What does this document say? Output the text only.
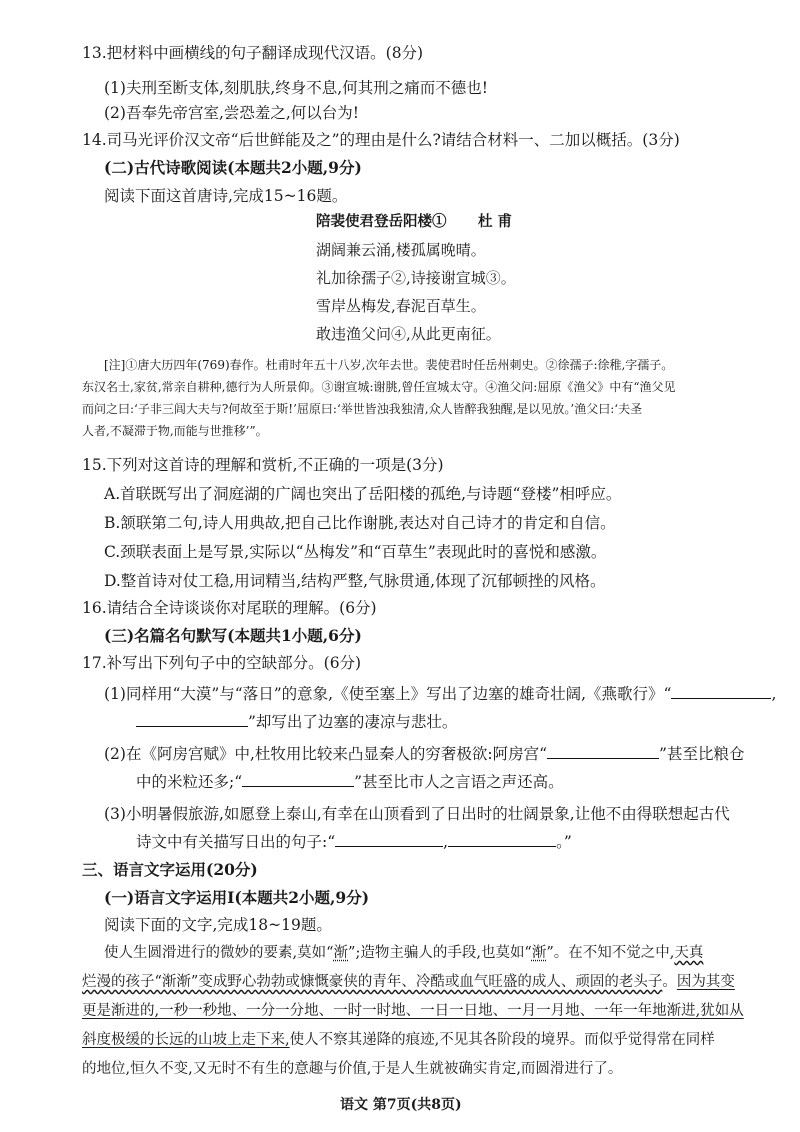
13.把材料中画横线的句子翻译成现代汉语。(8分)
(1)夫刑至断支体,刻肌肤,终身不息,何其刑之痛而不德也!
(2)吾奉先帝宫室,尝恐羞之,何以台为!
14.司马光评价汉文帝“后世鲜能及之”的理由是什么?请结合材料一、二加以概括。(3分)
(二)古代诗歌阅读(本题共2小题,9分)
阅读下面这首唐诗,完成15~16题。
陪裴使君登岳阳楼① 杜 甫
湖阔兼云涌,楼孤属晚晴。
礼加徐孺子②,诗接谢宣城③。
雪岸丛梅发,春泥百草生。
敢违渔父问④,从此更南征。
[注]①唐大历四年(769)春作。杜甫时年五十八岁,次年去世。裴使君时任岳州刺史。②徐孺子:徐稚,字孺子。
东汉名士,家贫,常亲自耕种,德行为人所景仰。③谢宣城:谢朓,曾任宣城太守。④渔父问:屈原《渔父》中有“渔父见
而问之曰:‘子非三闾大夫与?何故至于斯!’屈原曰:‘举世皆浊我独清,众人皆醉我独醒,是以见放。’渔父曰:‘夫圣
人者,不凝滞于物,而能与世推移’”。
15.下列对这首诗的理解和赏析,不正确的一项是(3分)
A.首联既写出了洞庭湖的广阔也突出了岳阳楼的孤绝,与诗题“登楼”相呼应。
B.颔联第二句,诗人用典故,把自己比作谢朓,表达对自己诗才的肯定和自信。
C.颈联表面上是写景,实际以“丛梅发”和“百草生”表现此时的喜悦和感激。
D.整首诗对仗工稳,用词精当,结构严整,气脉贯通,体现了沉郁顿挫的风格。
16.请结合全诗谈谈你对尾联的理解。(6分)
(三)名篇名句默写(本题共1小题,6分)
17.补写出下列句子中的空缺部分。(6分)
(1)同样用“大漠”与“落日”的意象,《使至塞上》写出了边塞的雄奇壮阔,《燕歌行》“	,
”却写出了边塞的凄凉与悲壮。
(2)在《阿房宫赋》中,杜牧用比较来凸显秦人的穷奢极欲:阿房宫“	”甚至比粮仓
中的米粒还多;“	”甚至比市人之言语之声还高。
(3)小明暑假旅游,如愿登上泰山,有幸在山顶看到了日出时的壮阔景象,让他不由得联想起古代
诗文中有关描写日出的句子:“	,	。”
三、语言文字运用(20分)
(一)语言文字运用Ⅰ(本题共2小题,9分)
阅读下面的文字,完成18~19题。
使人生圆滑进行的微妙的要素,莫如“渐”;造物主骗人的手段,也莫如“渐”。在不知不觉之中,天真
烂漫的孩子“渐渐”变成野心勃勃或慷慨豪侠的青年、冷酷或血气旺盛的成人、顽固的老头子。因为其变
更是渐进的,一秒一秒地、一分一分地、一时一时地、一日一日地、一月一月地、一年一年地渐进,犹如从
斜度极缓的长远的山坡上走下来,使人不察其递降的痕迹,不见其各阶段的境界。而似乎觉得常在同样
的地位,恒久不变,又无时不有生的意趣与价值,于是人生就被确实肯定,而圆滑进行了。
语文 第7页(共8页)
